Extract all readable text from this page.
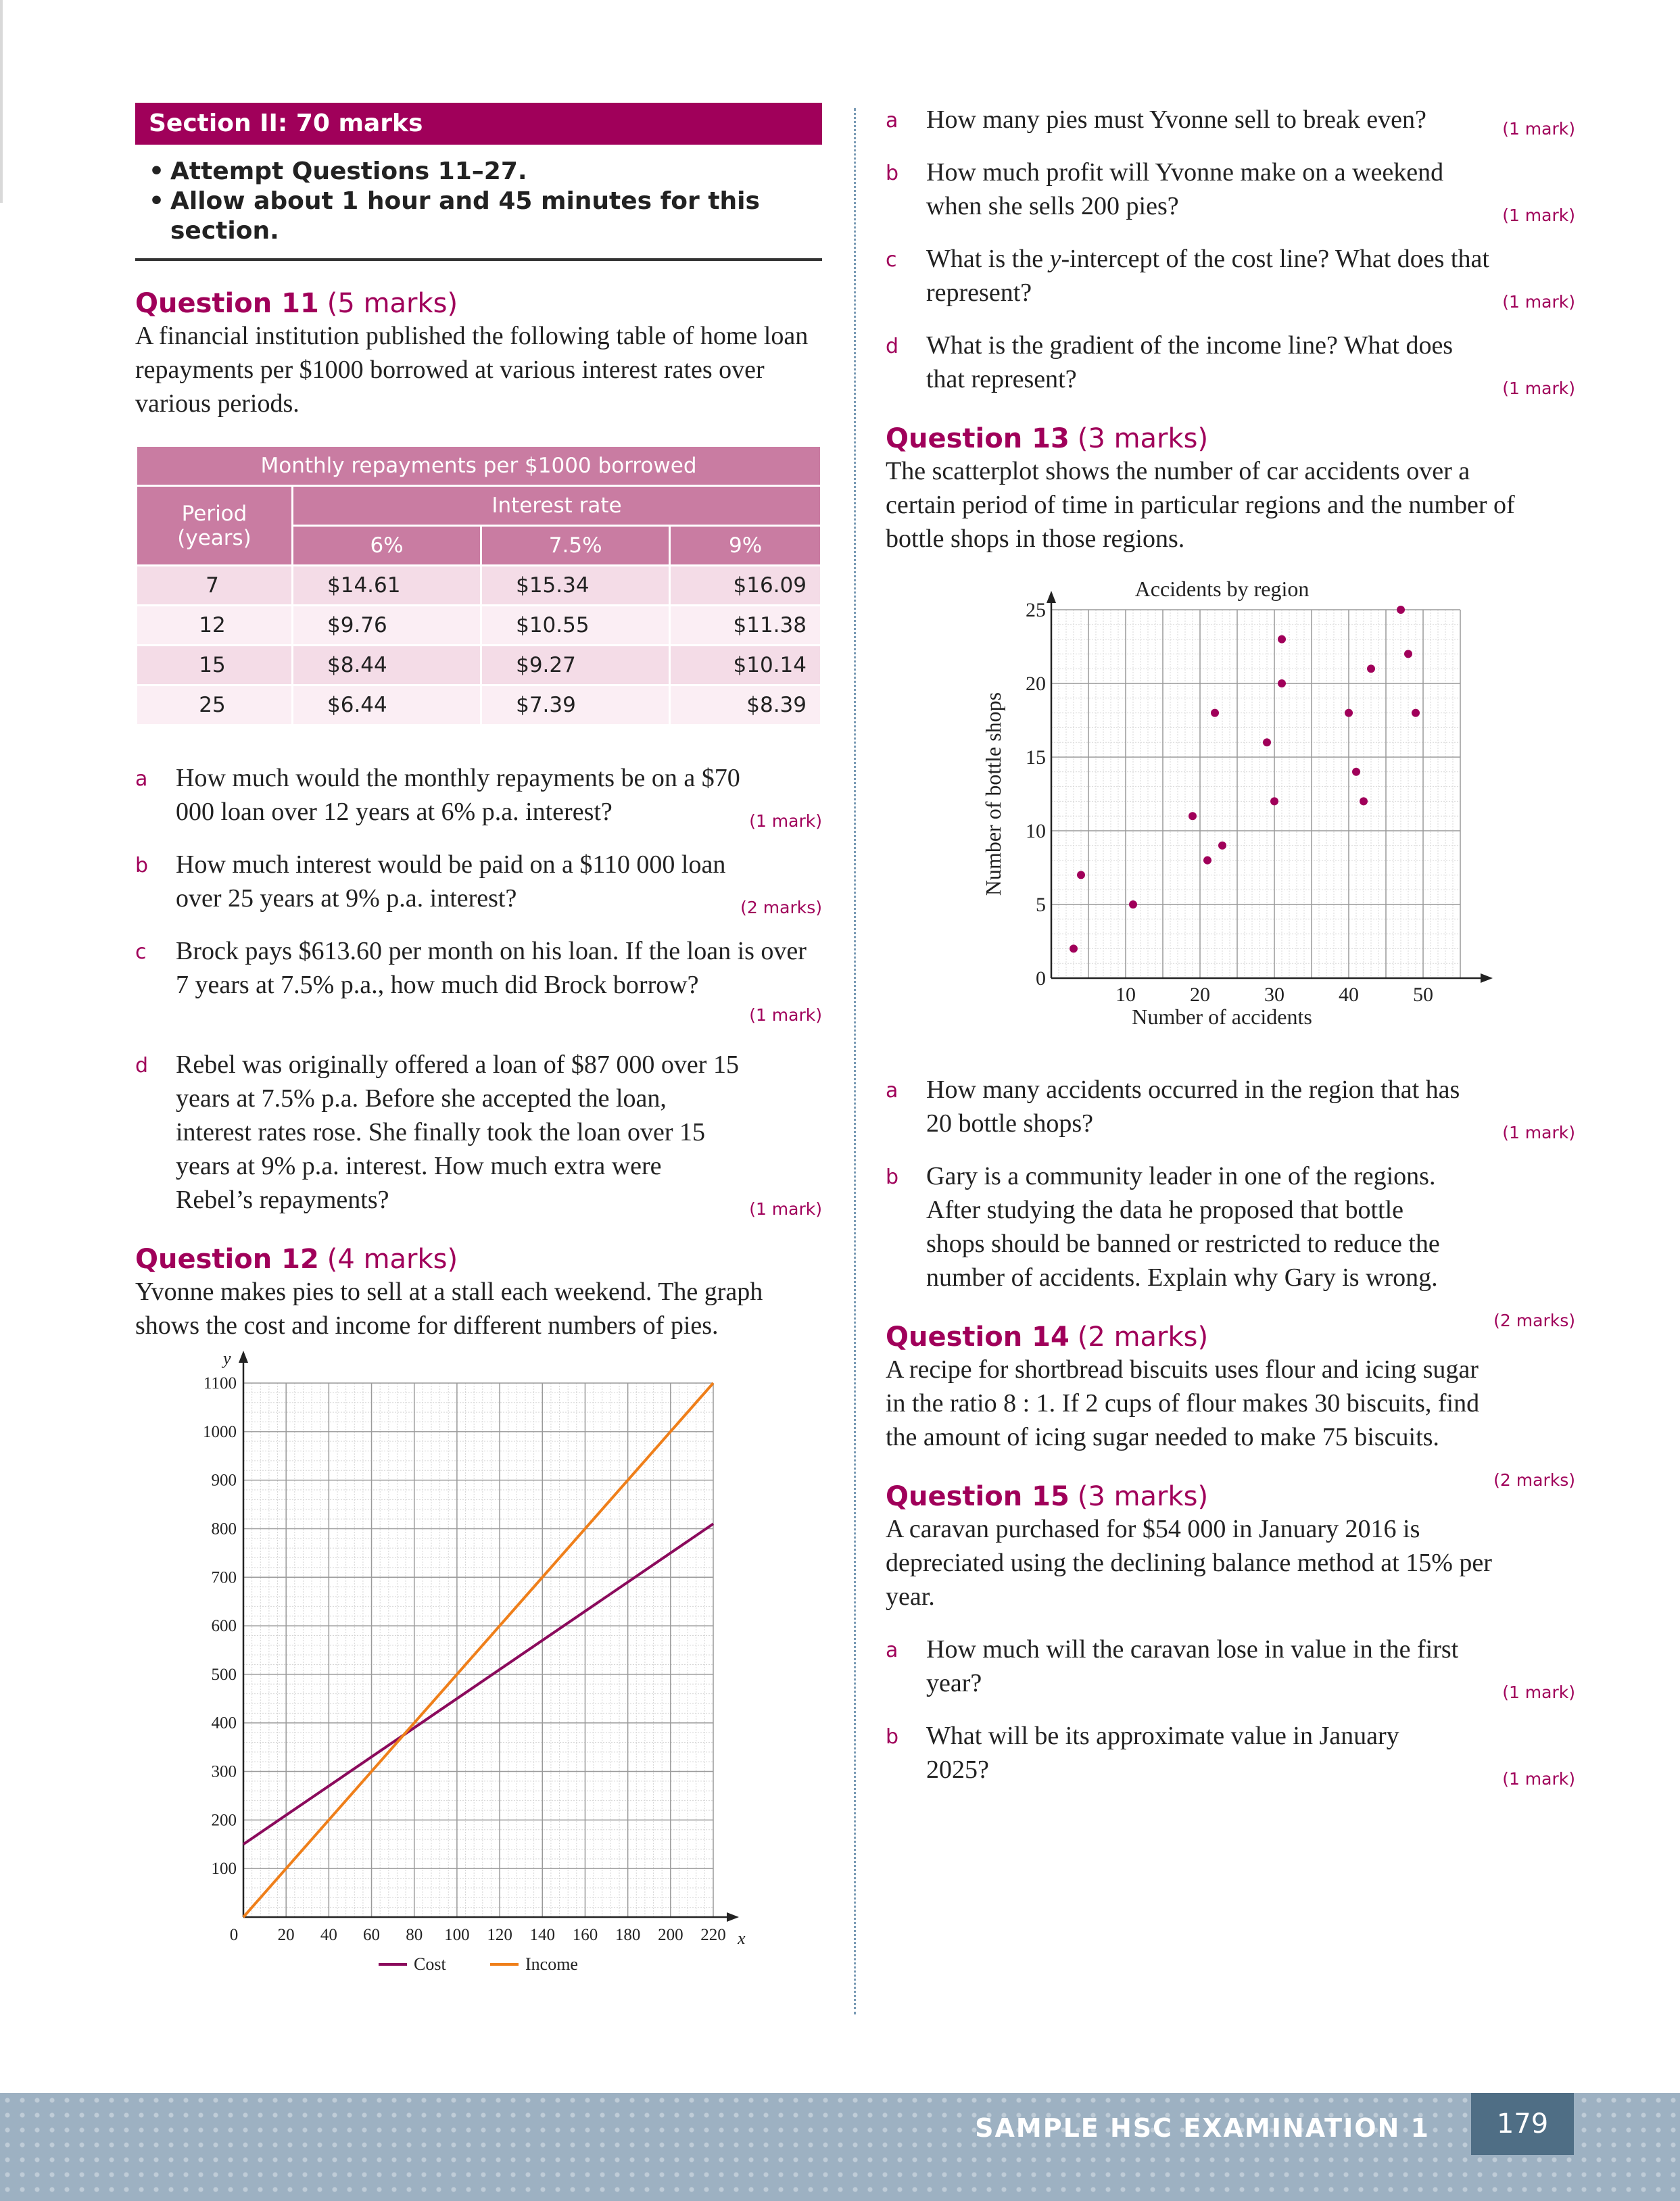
Section II: 70 marks
• Attempt Questions 11–27.
• Allow about 1 hour and 45 minutes for this section.
Question 11 (5 marks)
A financial institution published the following table of home loan repayments per $1000 borrowed at various interest rates over various periods.
Monthly repayments per $1000 borrowed			
Period (years)	Interest rate		
	6%	7.5%	9%
7	$14.61	$15.34	$16.09
12	$9.76	$10.55	$11.38
15	$8.44	$9.27	$10.14
25	$6.44	$7.39	$8.39
a
(1 mark)
How much would the monthly repayments be on a $70 000 loan over 12 years at 6% p.a. interest?
b
(2 marks)
How much interest would be paid on a $110 000 loan over 25 years at 9% p.a. interest?
c Brock pays $613.60 per month on his loan. If the loan is over 7 years at 7.5% p.a., how much did Brock borrow?
(1 mark)
d
(1 mark)
Rebel was originally offered a loan of $87 000 over 15 years at 7.5% p.a. Before she accepted the loan, interest rates rose. She finally took the loan over 15 years at 9% p.a. interest. How much extra were Rebel’s repayments?
Question 12 (4 marks)
Yvonne makes pies to sell at a stall each weekend. The graph shows the cost and income for different numbers of pies.
0 20 40 60 80 100 120 140 160 180 200 220
100
200
300
400
500
600
700
800
900
1000
1100
x
y
Cost	Income
a	(1 mark)
How many pies must Yvonne sell to break even?
b
(1 mark)
How much profit will Yvonne make on a weekend when she sells 200 pies?
c
(1 mark)
What is the y-intercept of the cost line? What does that represent?
d
(1 mark)
What is the gradient of the income line? What does that represent?
Question 13 (3 marks)
The scatterplot shows the number of car accidents over a certain period of time in particular regions and the number of bottle shops in those regions.
10	20	30	40	50
0
5
10
15
20
25
Accidents by region
Number of accidents
Number of bottle shops
a
(1 mark)
How many accidents occurred in the region that has 20 bottle shops?
b
(2 marks)
Gary is a community leader in one of the regions. After studying the data he proposed that bottle shops should be banned or restricted to reduce the number of accidents. Explain why Gary is wrong.
Question 14 (2 marks)
(2 marks)
A recipe for shortbread biscuits uses flour and icing sugar in the ratio 8 : 1. If 2 cups of flour makes 30 biscuits, find the amount of icing sugar needed to make 75 biscuits.
Question 15 (3 marks)
A caravan purchased for $54 000 in January 2016 is depreciated using the declining balance method at 15% per year.
a
(1 mark)
How much will the caravan lose in value in the first year?
b
(1 mark)
What will be its approximate value in January 2025?
SAMPLE HSC EXAMINATION 1	179
